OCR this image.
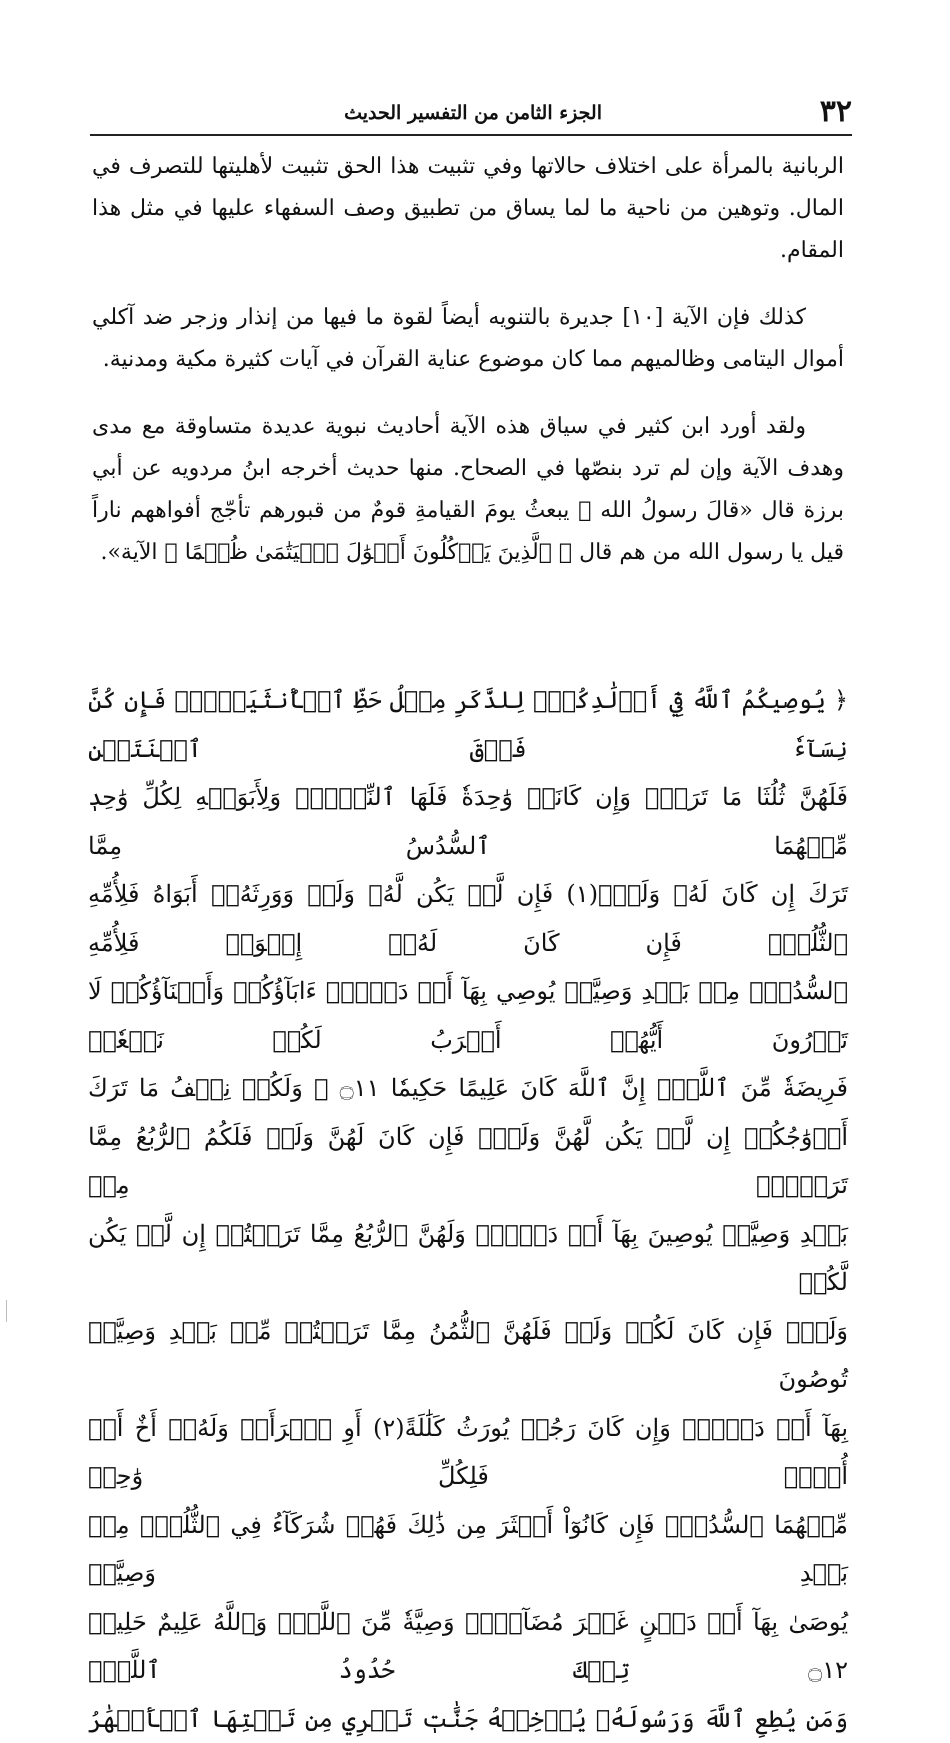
٣٢
الجزء الثامن من التفسير الحديث

الربانية بالمرأة على اختلاف حالاتها وفي تثبيت هذا الحق تثبيت لأهليتها للتصرف في المال. وتوهين من ناحية ما لما يساق من تطبيق وصف السفهاء عليها في مثل هذا المقام.

كذلك فإن الآية [١٠] جديرة بالتنويه أيضاً لقوة ما فيها من إنذار وزجر ضد آكلي أموال اليتامى وظالميهم مما كان موضوع عناية القرآن في آيات كثيرة مكية ومدنية.

ولقد أورد ابن كثير في سياق هذه الآية أحاديث نبوية عديدة متساوقة مع مدى وهدف الآية وإن لم ترد بنصّها في الصحاح. منها حديث أخرجه ابنُ مردويه عن أبي برزة قال «قالَ رسولُ الله ﷺ يبعثُ يومَ القيامةِ قومٌ من قبورهم تأجّج أفواههم ناراً قيل يا رسول الله من هم قال ﴿ ٱلَّذِينَ يَأۡكُلُونَ أَمۡوَٰلَ ٱلۡيَتَٰمَىٰ ظُلۡمًا ﴾ الآية».

﴿ يُوصِيكُمُ ٱللَّهُ فِيٓ أَوۡلَٰدِكُمۡۖ لِلذَّكَرِ مِثۡلُ حَظِّ ٱلۡأُنثَيَيۡنِۚ فَإِن كُنَّ نِسَآءٗ فَوۡقَ ٱثۡنَتَيۡنِ

فَلَهُنَّ ثُلُثَا مَا تَرَكَۖ وَإِن كَانَتۡ وَٰحِدَةٗ فَلَهَا ٱلنِّصۡفُۚ وَلِأَبَوَيۡهِ لِكُلِّ وَٰحِدٖ مِّنۡهُمَا ٱلسُّدُسُ مِمَّا

تَرَكَ إِن كَانَ لَهُۥ وَلَدٞۚ(١) فَإِن لَّمۡ يَكُن لَّهُۥ وَلَدٞ وَوَرِثَهُۥٓ أَبَوَاهُ فَلِأُمِّهِ ٱلثُّلُثُۚ فَإِن كَانَ لَهُۥٓ إِخۡوَةٞ فَلِأُمِّهِ

ٱلسُّدُسُۚ مِنۢ بَعۡدِ وَصِيَّةٖ يُوصِي بِهَآ أَوۡ دَيۡنٍۗ ءَابَآؤُكُمۡ وَأَبۡنَآؤُكُمۡ لَا تَدۡرُونَ أَيُّهُمۡ أَقۡرَبُ لَكُمۡ نَفۡعٗاۚ

فَرِيضَةٗ مِّنَ ٱللَّهِۗ إِنَّ ٱللَّهَ كَانَ عَلِيمًا حَكِيمٗا ۝١١ ۞ وَلَكُمۡ نِصۡفُ مَا تَرَكَ

أَزۡوَٰجُكُمۡ إِن لَّمۡ يَكُن لَّهُنَّ وَلَدٞۚ فَإِن كَانَ لَهُنَّ وَلَدٞ فَلَكُمُ ٱلرُّبُعُ مِمَّا تَرَكۡنَۚ مِنۢ

بَعۡدِ وَصِيَّةٖ يُوصِينَ بِهَآ أَوۡ دَيۡنٖۚ وَلَهُنَّ ٱلرُّبُعُ مِمَّا تَرَكۡتُمۡ إِن لَّمۡ يَكُن لَّكُمۡ

وَلَدٞۚ فَإِن كَانَ لَكُمۡ وَلَدٞ فَلَهُنَّ ٱلثُّمُنُ مِمَّا تَرَكۡتُمۚ مِّنۢ بَعۡدِ وَصِيَّةٖ تُوصُونَ

بِهَآ أَوۡ دَيۡنٖۗ وَإِن كَانَ رَجُلٞ يُورَثُ كَلَٰلَةً(٢) أَوِ ٱمۡرَأَةٞ وَلَهُۥٓ أَخٌ أَوۡ أُخۡتٞ فَلِكُلِّ وَٰحِدٖ

مِّنۡهُمَا ٱلسُّدُسُۚ فَإِن كَانُوٓاْ أَكۡثَرَ مِن ذَٰلِكَ فَهُمۡ شُرَكَآءُ فِي ٱلثُّلُثِۚ مِنۢ بَعۡدِ وَصِيَّةٖ

يُوصَىٰ بِهَآ أَوۡ دَيۡنٍ غَيۡرَ مُضَآرّٖۚ وَصِيَّةٗ مِّنَ ٱللَّهِۗ وَٱللَّهُ عَلِيمٌ حَلِيمٞ ۝١٢ تِلۡكَ حُدُودُ ٱللَّهِۚ

وَمَن يُطِعِ ٱللَّهَ وَرَسُولَهُۥ يُدۡخِلۡهُ جَنَّٰتٖ تَجۡرِي مِن تَحۡتِهَا ٱلۡأَنۡهَٰرُ
